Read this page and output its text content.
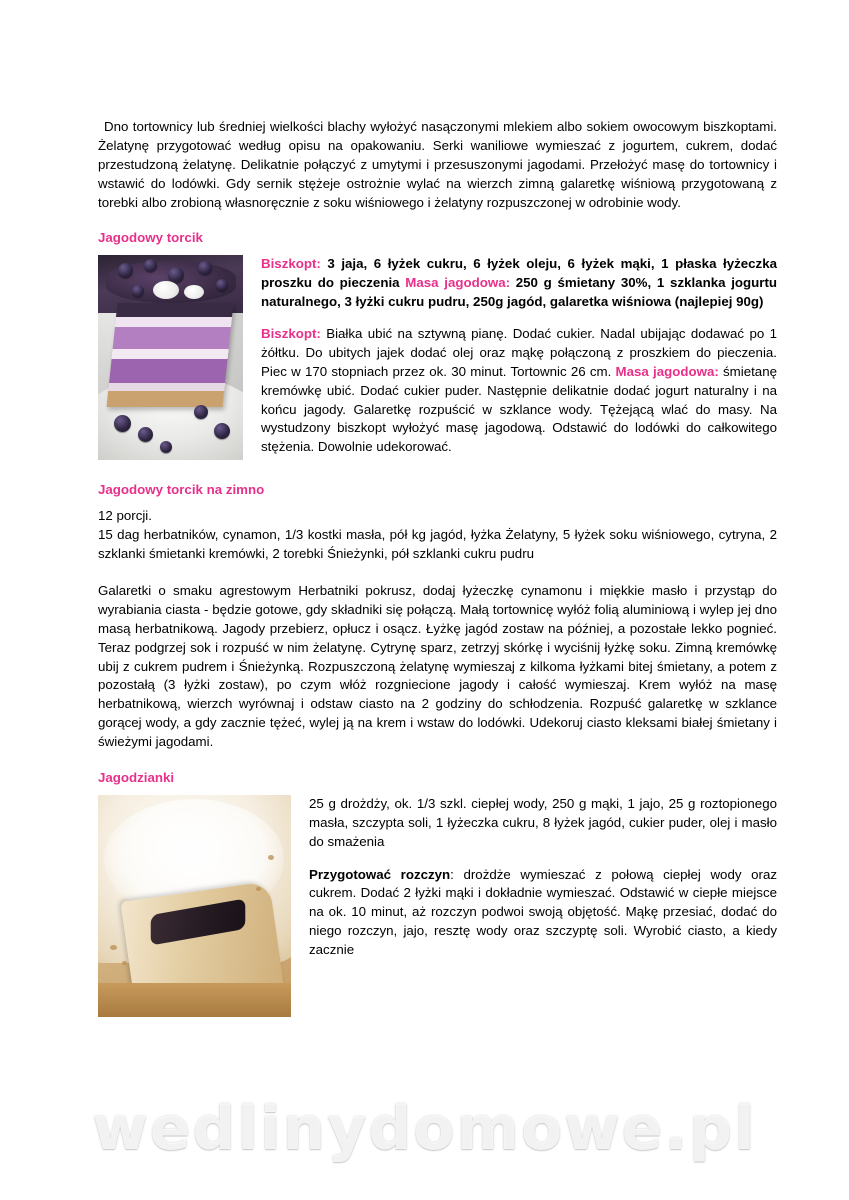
Dno tortownicy lub średniej wielkości blachy wyłożyć nasączonymi mlekiem albo sokiem owocowym biszkoptami. Żelatynę przygotować według opisu na opakowaniu. Serki waniliowe wymieszać z jogurtem, cukrem, dodać przestudzoną żelatynę. Delikatnie połączyć z umytymi i przesuszonymi jagodami. Przełożyć masę do tortownicy i wstawić do lodówki. Gdy sernik stężeje ostrożnie wylać na wierzch zimną galaretkę wiśniową przygotowaną z torebki albo zrobioną własnoręcznie z soku wiśniowego i żelatyny rozpuszczonej w odrobinie wody.

Jagodowy torcik

Biszkopt: 3 jaja, 6 łyżek cukru, 6 łyżek oleju, 6 łyżek mąki, 1 płaska łyżeczka proszku do pieczenia Masa jagodowa: 250 g śmietany 30%, 1 szklanka jogurtu naturalnego, 3 łyżki cukru pudru, 250g jagód, galaretka wiśniowa (najlepiej 90g)

Biszkopt: Białka ubić na sztywną pianę. Dodać cukier. Nadal ubijając dodawać po 1 żółtku. Do ubitych jajek dodać olej oraz mąkę połączoną z proszkiem do pieczenia. Piec w 170 stopniach przez ok. 30 minut. Tortownic 26 cm. Masa jagodowa: śmietanę kremówkę ubić. Dodać cukier puder. Następnie delikatnie dodać jogurt naturalny i na końcu jagody. Galaretkę rozpuścić w szklance wody. Tężejącą wlać do masy. Na wystudzony biszkopt wyłożyć masę jagodową. Odstawić do lodówki do całkowitego stężenia. Dowolnie udekorować.

Jagodowy torcik na zimno

12 porcji.

15 dag herbatników, cynamon, 1/3 kostki masła, pół kg jagód, łyżka Żelatyny, 5 łyżek soku wiśniowego, cytryna, 2 szklanki śmietanki kremówki, 2 torebki Śnieżynki, pół szklanki cukru pudru

Galaretki o smaku agrestowym Herbatniki pokrusz, dodaj łyżeczkę cynamonu i miękkie masło i przystąp do wyrabiania ciasta - będzie gotowe, gdy składniki się połączą. Małą tortownicę wyłóż folią aluminiową i wylep jej dno masą herbatnikową. Jagody przebierz, opłucz i osącz. Łyżkę jagód zostaw na później, a pozostałe lekko pognieć. Teraz podgrzej sok i rozpuść w nim żelatynę. Cytrynę sparz, zetrzyj skórkę i wyciśnij łyżkę soku. Zimną kremówkę ubij z cukrem pudrem i Śnieżynką. Rozpuszczoną żelatynę wymieszaj z kilkoma łyżkami bitej śmietany, a potem z pozostałą (3 łyżki zostaw), po czym włóż rozgniecione jagody i całość wymieszaj. Krem wyłóż na masę herbatnikową, wierzch wyrównaj i odstaw ciasto na 2 godziny do schłodzenia. Rozpuść galaretkę w szklance gorącej wody, a gdy zacznie tężeć, wylej ją na krem i wstaw do lodówki. Udekoruj ciasto kleksami białej śmietany i świeżymi jagodami.

Jagodzianki

25 g drożdży, ok. 1/3 szkl. ciepłej wody, 250 g mąki, 1 jajo, 25 g roztopionego masła, szczypta soli, 1 łyżeczka cukru, 8 łyżek jagód, cukier puder, olej i masło do smażenia

Przygotować rozczyn: drożdże wymieszać z połową ciepłej wody oraz cukrem. Dodać 2 łyżki mąki i dokładnie wymieszać. Odstawić w ciepłe miejsce na ok. 10 minut, aż rozczyn podwoi swoją objętość. Mąkę przesiać, dodać do niego rozczyn, jajo, resztę wody oraz szczyptę soli. Wyrobić ciasto, a kiedy zacznie

wedlinydomowe.pl
